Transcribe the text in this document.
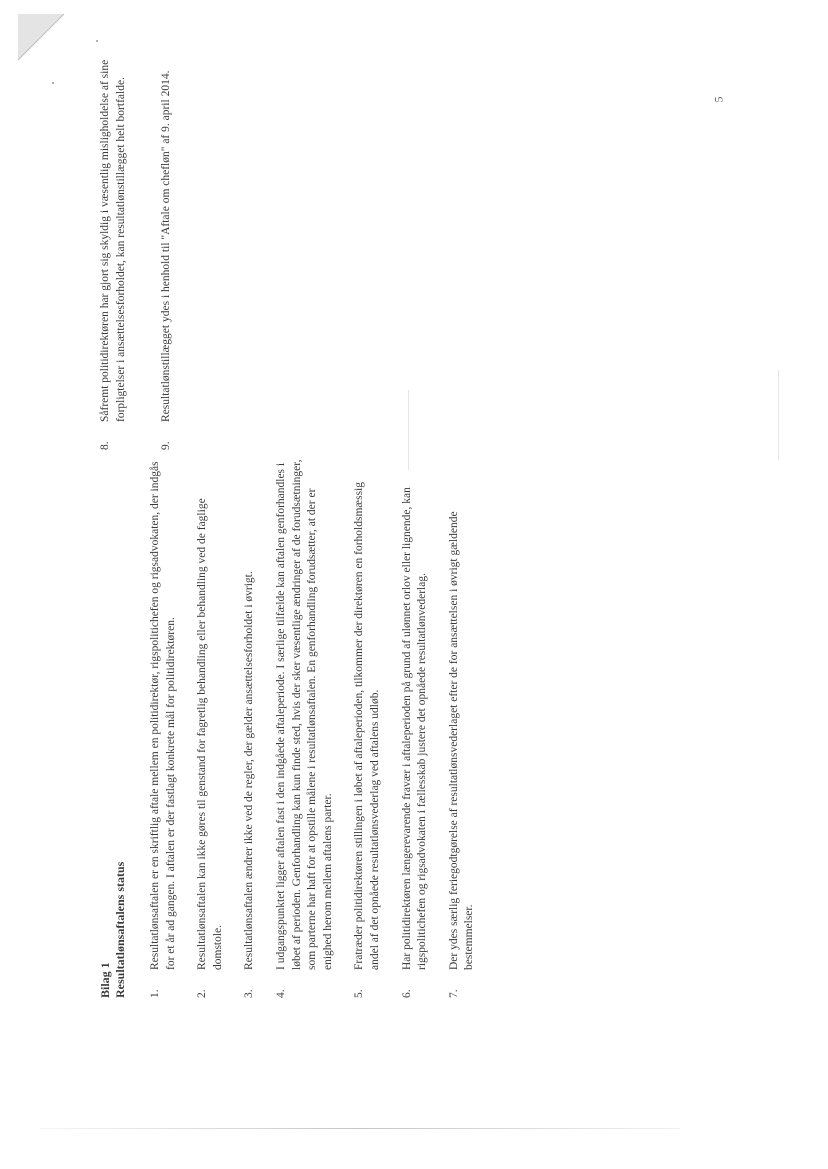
5

Bilag 1 Resultatlønsaftalens status 1.
Resultatlønsaftalen er en skriftlig aftale mellem en politidirektør, rigspolitichefen og rigsadvokaten, der indgås for et år ad gangen. I aftalen er der fastlagt konkrete mål for politidirektøren.
2.
Resultatlønsaftalen kan ikke gøres til genstand for fagretlig behandling eller behandling ved de faglige domstole.
3.
Resultatlønsaftalen ændrer ikke ved de regler, der gælder ansættelsesforholdet i øvrigt.
4.
I udgangspunktet ligger aftalen fast i den indgåede aftaleperiode. I særlige tilfælde kan aftalen genforhandles i løbet af perioden. Genforhandling kan kun finde sted, hvis der sker væsentlige ændringer af de forudsætninger, som parterne har haft for at opstille målene i resultatlønsaftalen. En genforhandling forudsætter, at der er enighed herom mellem aftalens parter.
5.
Fratræder politidirektøren stillingen i løbet af aftaleperioden, tilkommer der direktøren en forholdsmæssig andel af det opnåede resultatlønsvederlag ved aftalens udløb.
6.
Har politidirektøren længerevarende fravær i aftaleperioden på grund af ulønnet orlov eller lignende, kan rigspolitichefen og rigsadvokaten i fællesskab justere det opnåede resultatlønvederlag.
7.
Der ydes særlig feriegodtgørelse af resultatlønsvederlaget efter de for ansættelsen i øvrigt gældende bestemmelser.
8.
Såfremt politidirektøren har gjort sig skyldig i væsentlig misligholdelse af sine forpligtelser i ansættelsesforholdet, kan resultatlønstillægget helt bortfalde.
9.
Resultatlønstillægget ydes i henhold til "Aftale om chefløn" af 9. april 2014.
